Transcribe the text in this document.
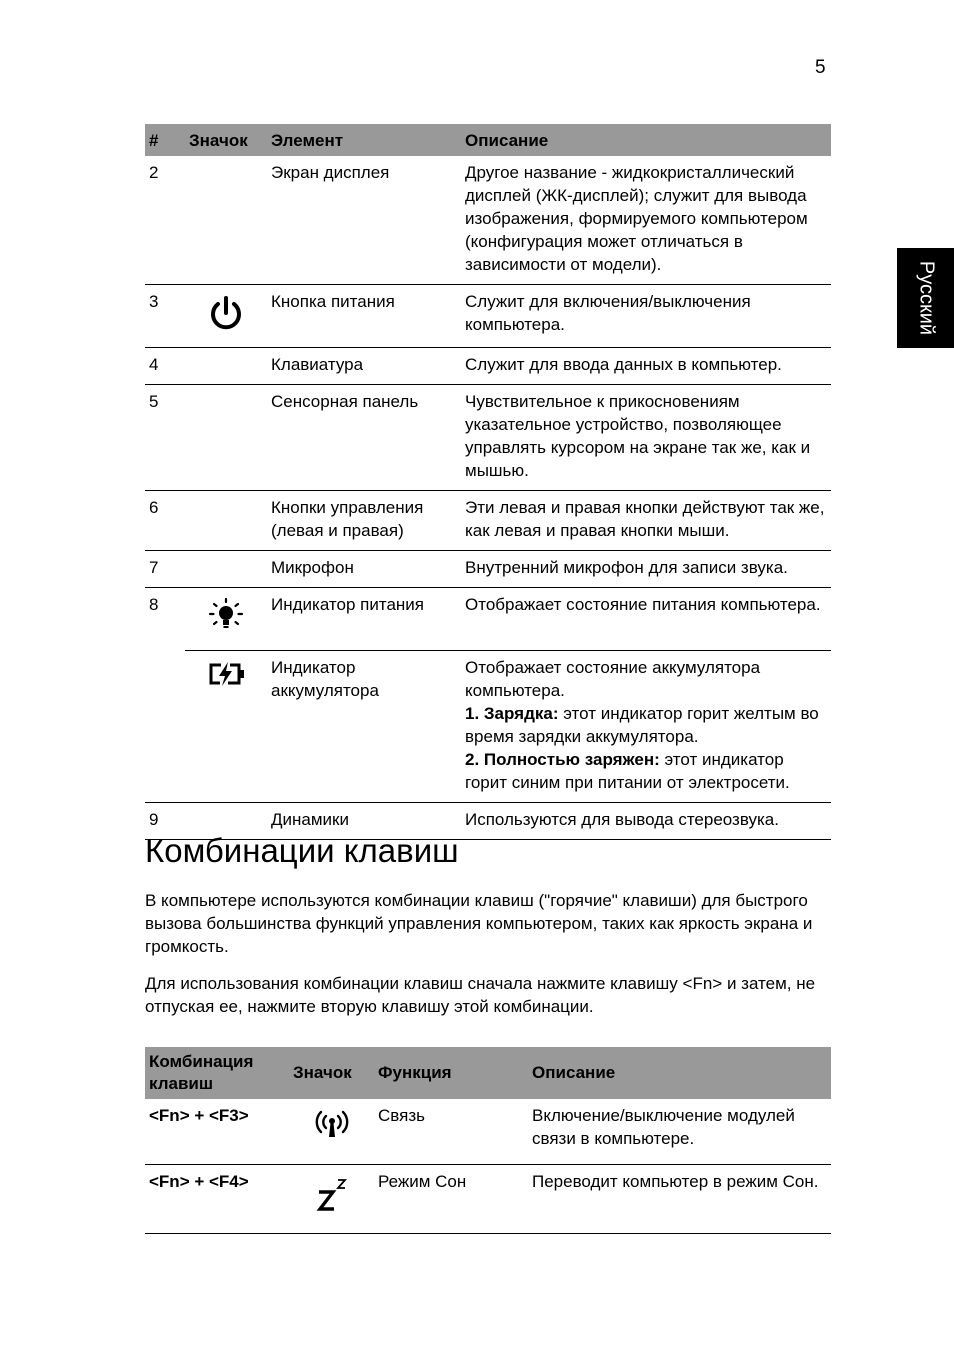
5
Русский
#	Значок	Элемент	Описание
2		Экран дисплея	Другое название - жидкокристаллический дисплей (ЖК-дисплей); служит для вывода изображения, формируемого компьютером (конфигурация может отличаться в зависимости от модели).
3		Кнопка питания	Служит для включения/выключения компьютера.
4		Клавиатура	Служит для ввода данных в компьютер.
5		Сенсорная панель	Чувствительное к прикосновениям указательное устройство, позволяющее управлять курсором на экране так же, как и мышью.
6		Кнопки управления (левая и правая)	Эти левая и правая кнопки действуют так же, как левая и правая кнопки мыши.
7		Микрофон	Внутренний микрофон для записи звука.
8		Индикатор питания	Отображает состояние питания компьютера.
		Индикатор аккумулятора	Отображает состояние аккумулятора компьютера.

1. Зарядка: этот индикатор горит желтым во время зарядки аккумулятора.

2. Полностью заряжен: этот индикатор горит синим при питании от электросети.

9		Динамики	Используются для вывода стереозвука.
Комбинации клавиш

В компьютере используются комбинации клавиш ("горячие" клавиши) для быстрого вызова большинства функций управления компьютером, таких как яркость экрана и громкость.

Для использования комбинации клавиш сначала нажмите клавишу <Fn> и затем, не отпуская ее, нажмите вторую клавишу этой комбинации.

Комбинация клавиш	Значок	Функция	Описание
<Fn> + <F3>		Связь	Включение/выключение модулей связи в компьютере.
<Fn> + <F4>		Режим Сон	Переводит компьютер в режим Сон.
